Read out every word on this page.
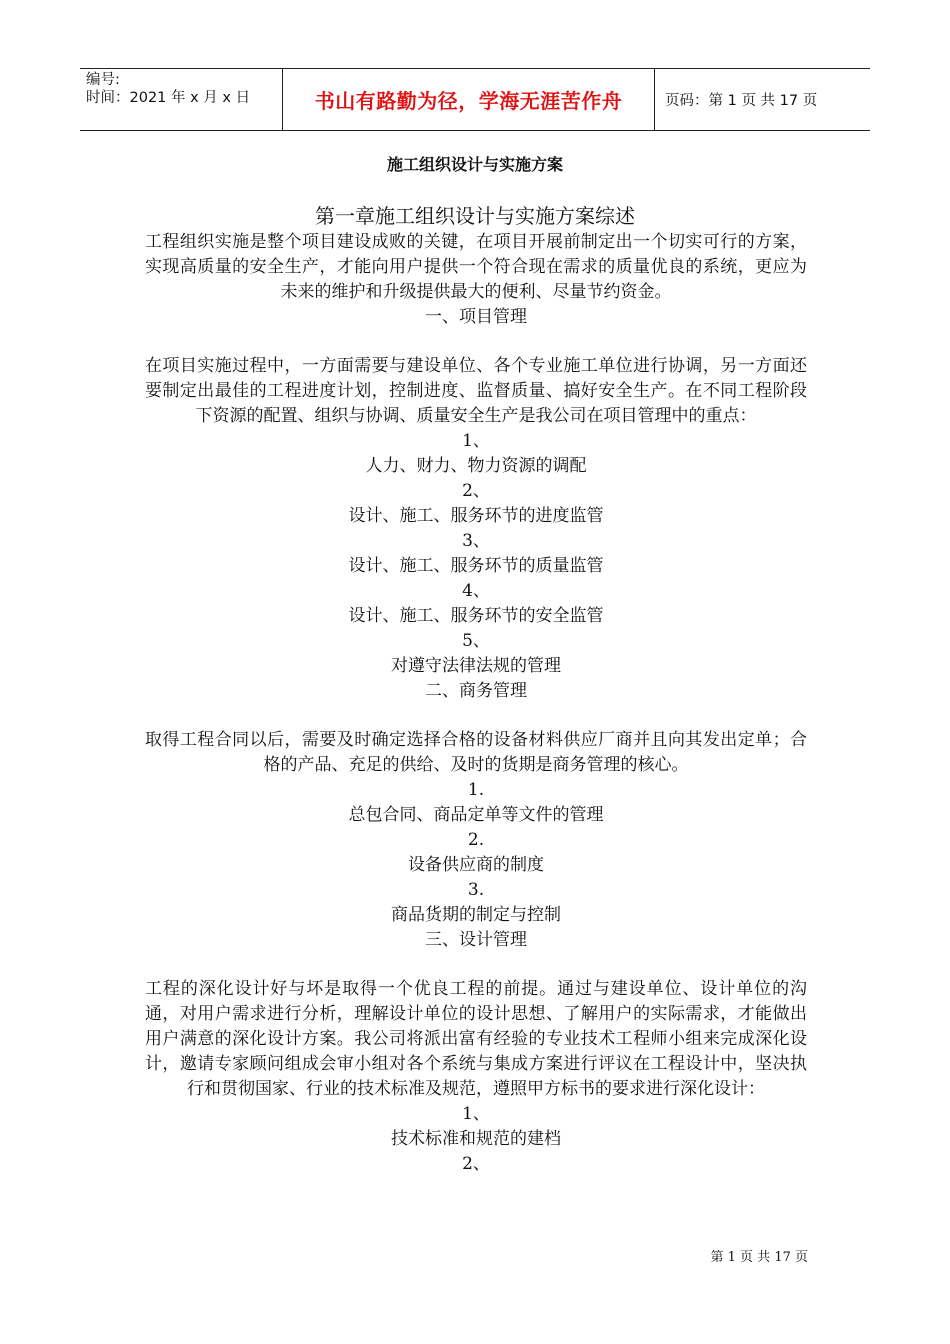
编号:
时间：2021 年 x 月 x 日	书山有路勤为径，学海无涯苦作舟	页码：第 1 页 共 17 页
施工组织设计与实施方案
第一章施工组织设计与实施方案综述

工程组织实施是整个项目建设成败的关键，在项目开展前制定出一个切实可行的方案，实现高质量的安全生产，才能向用户提供一个符合现在需求的质量优良的系统，更应为未来的维护和升级提供最大的便利、尽量节约资金。

一、项目管理

在项目实施过程中，一方面需要与建设单位、各个专业施工单位进行协调，另一方面还要制定出最佳的工程进度计划，控制进度、监督质量、搞好安全生产。在不同工程阶段下资源的配置、组织与协调、质量安全生产是我公司在项目管理中的重点：

1、

人力、财力、物力资源的调配

2、

设计、施工、服务环节的进度监管

3、

设计、施工、服务环节的质量监管

4、

设计、施工、服务环节的安全监管

5、

对遵守法律法规的管理

二、商务管理

取得工程合同以后，需要及时确定选择合格的设备材料供应厂商并且向其发出定单；合格的产品、充足的供给、及时的货期是商务管理的核心。

1.

总包合同、商品定单等文件的管理

2.

设备供应商的制度

3.

商品货期的制定与控制

三、设计管理

工程的深化设计好与坏是取得一个优良工程的前提。通过与建设单位、设计单位的沟通，对用户需求进行分析，理解设计单位的设计思想、了解用户的实际需求，才能做出用户满意的深化设计方案。我公司将派出富有经验的专业技术工程师小组来完成深化设计，邀请专家顾问组成会审小组对各个系统与集成方案进行评议在工程设计中，坚决执行和贯彻国家、行业的技术标准及规范，遵照甲方标书的要求进行深化设计：

1、

技术标准和规范的建档

2、

第 1 页 共 17 页
